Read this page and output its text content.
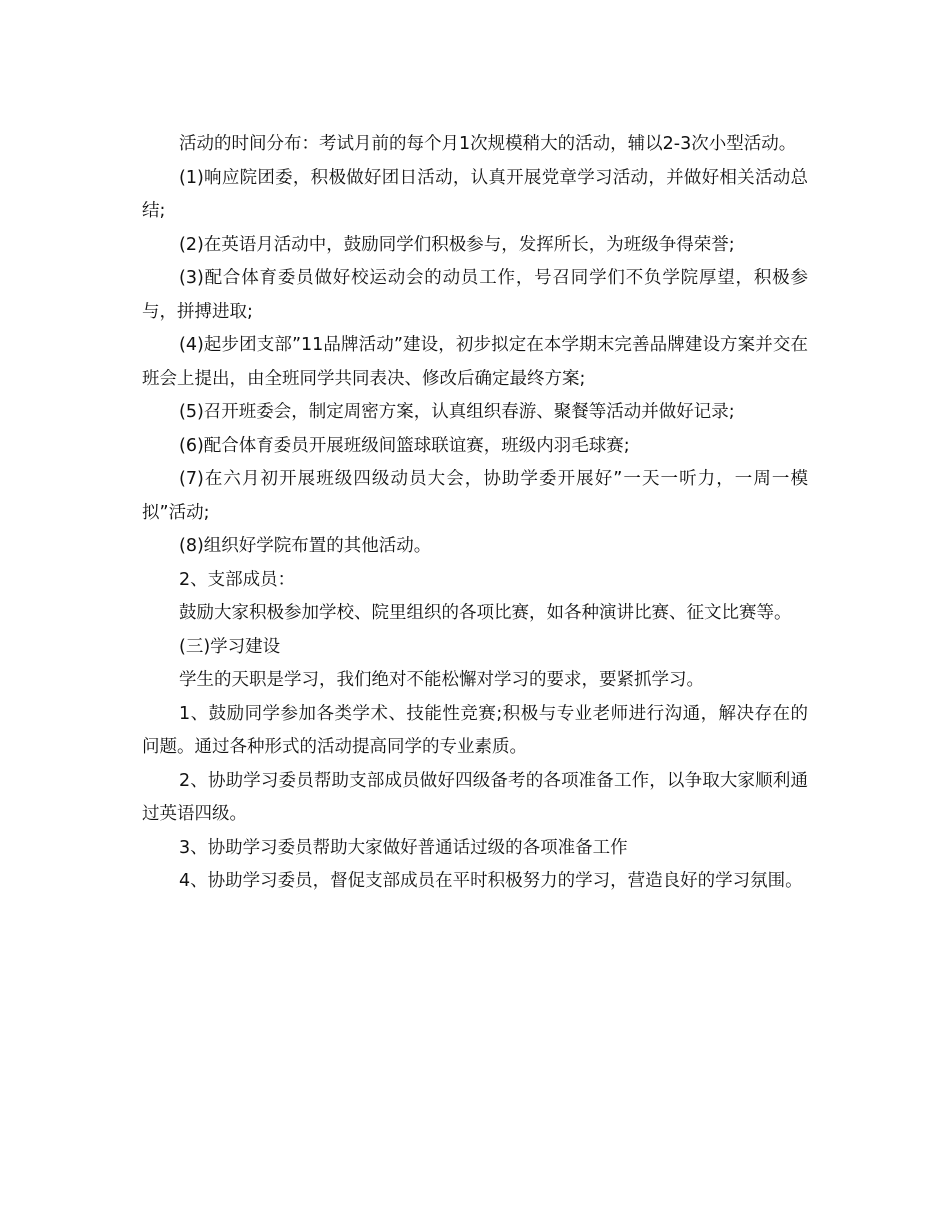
活动的时间分布：考试月前的每个月1次规模稍大的活动，辅以2-3次小型活动。

(1)响应院团委，积极做好团日活动，认真开展党章学习活动，并做好相关活动总结;

(2)在英语月活动中，鼓励同学们积极参与，发挥所长，为班级争得荣誉;

(3)配合体育委员做好校运动会的动员工作，号召同学们不负学院厚望，积极参与，拼搏进取;

(4)起步团支部”11品牌活动”建设，初步拟定在本学期末完善品牌建设方案并交在班会上提出，由全班同学共同表决、修改后确定最终方案;

(5)召开班委会，制定周密方案，认真组织春游、聚餐等活动并做好记录;

(6)配合体育委员开展班级间篮球联谊赛，班级内羽毛球赛;

(7)在六月初开展班级四级动员大会，协助学委开展好”一天一听力，一周一模拟”活动;

(8)组织好学院布置的其他活动。

2、支部成员：

鼓励大家积极参加学校、院里组织的各项比赛，如各种演讲比赛、征文比赛等。

(三)学习建设

学生的天职是学习，我们绝对不能松懈对学习的要求，要紧抓学习。

1、鼓励同学参加各类学术、技能性竞赛;积极与专业老师进行沟通，解决存在的问题。通过各种形式的活动提高同学的专业素质。

2、协助学习委员帮助支部成员做好四级备考的各项准备工作，以争取大家顺利通过英语四级。

3、协助学习委员帮助大家做好普通话过级的各项准备工作

4、协助学习委员，督促支部成员在平时积极努力的学习，营造良好的学习氛围。
